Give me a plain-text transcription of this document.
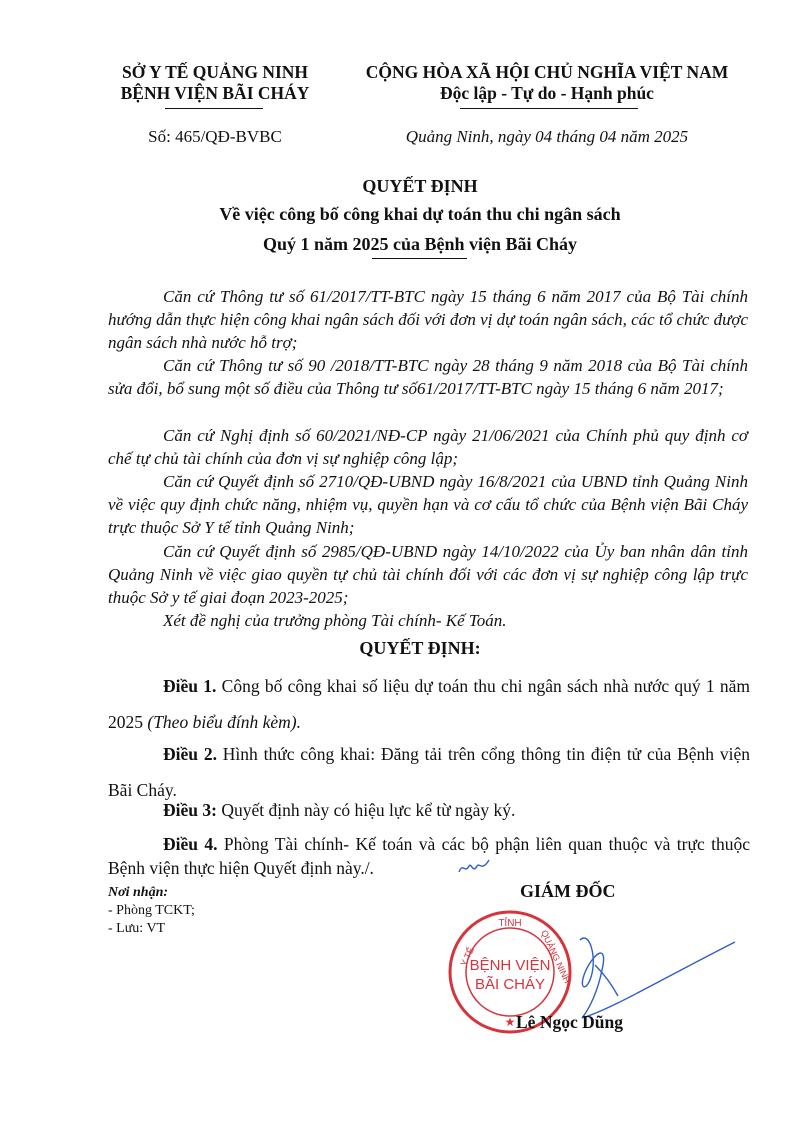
SỞ Y TẾ QUẢNG NINH
BỆNH VIỆN BÃI CHÁY
Số: 465/QĐ-BVBC
CỘNG HÒA XÃ HỘI CHỦ NGHĨA VIỆT NAM
Độc lập - Tự do - Hạnh phúc
Quảng Ninh, ngày 04 tháng 04 năm 2025
QUYẾT ĐỊNH
Về việc công bố công khai dự toán thu chi ngân sách
Quý 1 năm 2025 của Bệnh viện Bãi Cháy
Căn cứ Thông tư số 61/2017/TT-BTC ngày 15 tháng 6 năm 2017 của Bộ Tài chính hướng dẫn thực hiện công khai ngân sách đối với đơn vị dự toán ngân sách, các tổ chức được ngân sách nhà nước hỗ trợ;
Căn cứ Thông tư số 90 /2018/TT-BTC ngày 28 tháng 9 năm 2018 của Bộ Tài chính sửa đổi, bổ sung một số điều của Thông tư số61/2017/TT-BTC ngày 15 tháng 6 năm 2017;
Căn cứ Nghị định số 60/2021/NĐ-CP ngày 21/06/2021 của Chính phủ quy định cơ chế tự chủ tài chính của đơn vị sự nghiệp công lập;
Căn cứ Quyết định số 2710/QĐ-UBND ngày 16/8/2021 của UBND tỉnh Quảng Ninh về việc quy định chức năng, nhiệm vụ, quyền hạn và cơ cấu tổ chức của Bệnh viện Bãi Cháy trực thuộc Sở Y tế tỉnh Quảng Ninh;
Căn cứ Quyết định số 2985/QĐ-UBND ngày 14/10/2022 của Ủy ban nhân dân tỉnh Quảng Ninh về việc giao quyền tự chủ tài chính đối với các đơn vị sự nghiệp công lập trực thuộc Sở y tế giai đoạn 2023-2025;
Xét đề nghị của trưởng phòng Tài chính- Kế Toán.
QUYẾT ĐỊNH:
Điều 1. Công bố công khai số liệu dự toán thu chi ngân sách nhà nước quý 1 năm 2025 (Theo biểu đính kèm).
Điều 2. Hình thức công khai: Đăng tải trên cổng thông tin điện tử của Bệnh viện Bãi Cháy.
Điều 3: Quyết định này có hiệu lực kể từ ngày ký.
Điều 4. Phòng Tài chính- Kế toán và các bộ phận liên quan thuộc và trực thuộc Bệnh viện thực hiện Quyết định này./.
Nơi nhận:
- Phòng TCKT;
- Lưu: VT
GIÁM ĐỐC
TỈNH
Y TẾ	QUẢNG NINH
BỆNH VIỆN
BÃI CHÁY
★ Lê Ngọc Dũng
